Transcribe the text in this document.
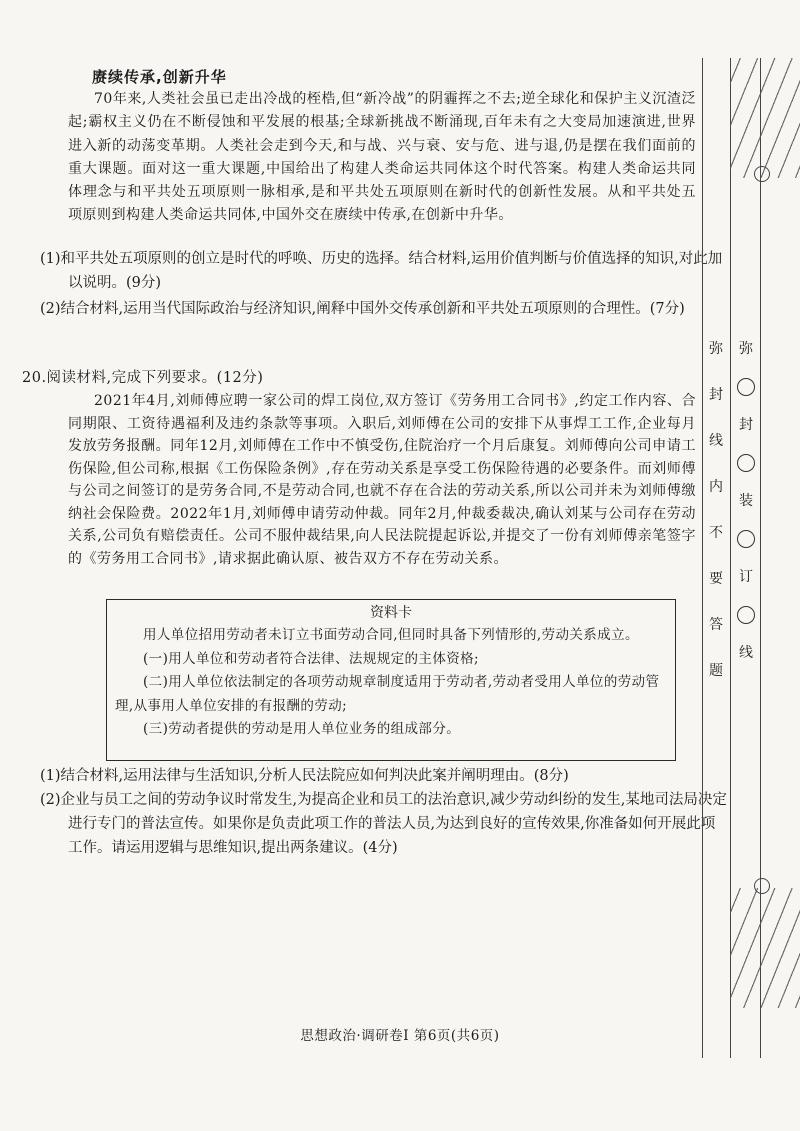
赓续传承,创新升华

70年来,人类社会虽已走出冷战的桎梏,但“新冷战”的阴霾挥之不去;逆全球化和保护主义沉渣泛起;霸权主义仍在不断侵蚀和平发展的根基;全球新挑战不断涌现,百年未有之大变局加速演进,世界进入新的动荡变革期。人类社会走到今天,和与战、兴与衰、安与危、进与退,仍是摆在我们面前的重大课题。面对这一重大课题,中国给出了构建人类命运共同体这个时代答案。构建人类命运共同体理念与和平共处五项原则一脉相承,是和平共处五项原则在新时代的创新性发展。从和平共处五项原则到构建人类命运共同体,中国外交在赓续中传承,在创新中升华。

(1)和平共处五项原则的创立是时代的呼唤、历史的选择。结合材料,运用价值判断与价值选择的知识,对此加以说明。(9分)

(2)结合材料,运用当代国际政治与经济知识,阐释中国外交传承创新和平共处五项原则的合理性。(7分)

20.阅读材料,完成下列要求。(12分)

2021年4月,刘师傅应聘一家公司的焊工岗位,双方签订《劳务用工合同书》,约定工作内容、合同期限、工资待遇福利及违约条款等事项。入职后,刘师傅在公司的安排下从事焊工工作,企业每月发放劳务报酬。同年12月,刘师傅在工作中不慎受伤,住院治疗一个月后康复。刘师傅向公司申请工伤保险,但公司称,根据《工伤保险条例》,存在劳动关系是享受工伤保险待遇的必要条件。而刘师傅与公司之间签订的是劳务合同,不是劳动合同,也就不存在合法的劳动关系,所以公司并未为刘师傅缴纳社会保险费。2022年1月,刘师傅申请劳动仲裁。同年2月,仲裁委裁决,确认刘某与公司存在劳动关系,公司负有赔偿责任。公司不服仲裁结果,向人民法院提起诉讼,并提交了一份有刘师傅亲笔签字的《劳务用工合同书》,请求据此确认原、被告双方不存在劳动关系。

资料卡

用人单位招用劳动者未订立书面劳动合同,但同时具备下列情形的,劳动关系成立。

(一)用人单位和劳动者符合法律、法规规定的主体资格;

(二)用人单位依法制定的各项劳动规章制度适用于劳动者,劳动者受用人单位的劳动管理,从事用人单位安排的有报酬的劳动;

(三)劳动者提供的劳动是用人单位业务的组成部分。

(1)结合材料,运用法律与生活知识,分析人民法院应如何判决此案并阐明理由。(8分)

(2)企业与员工之间的劳动争议时常发生,为提高企业和员工的法治意识,减少劳动纠纷的发生,某地司法局决定进行专门的普法宣传。如果你是负责此项工作的普法人员,为达到良好的宣传效果,你准备如何开展此项工作。请运用逻辑与思维知识,提出两条建议。(4分)

思想政治·调研卷Ⅰ 第6页(共6页)
弥
封
线
内
不
要
答
题
弥
封
装
订
线
